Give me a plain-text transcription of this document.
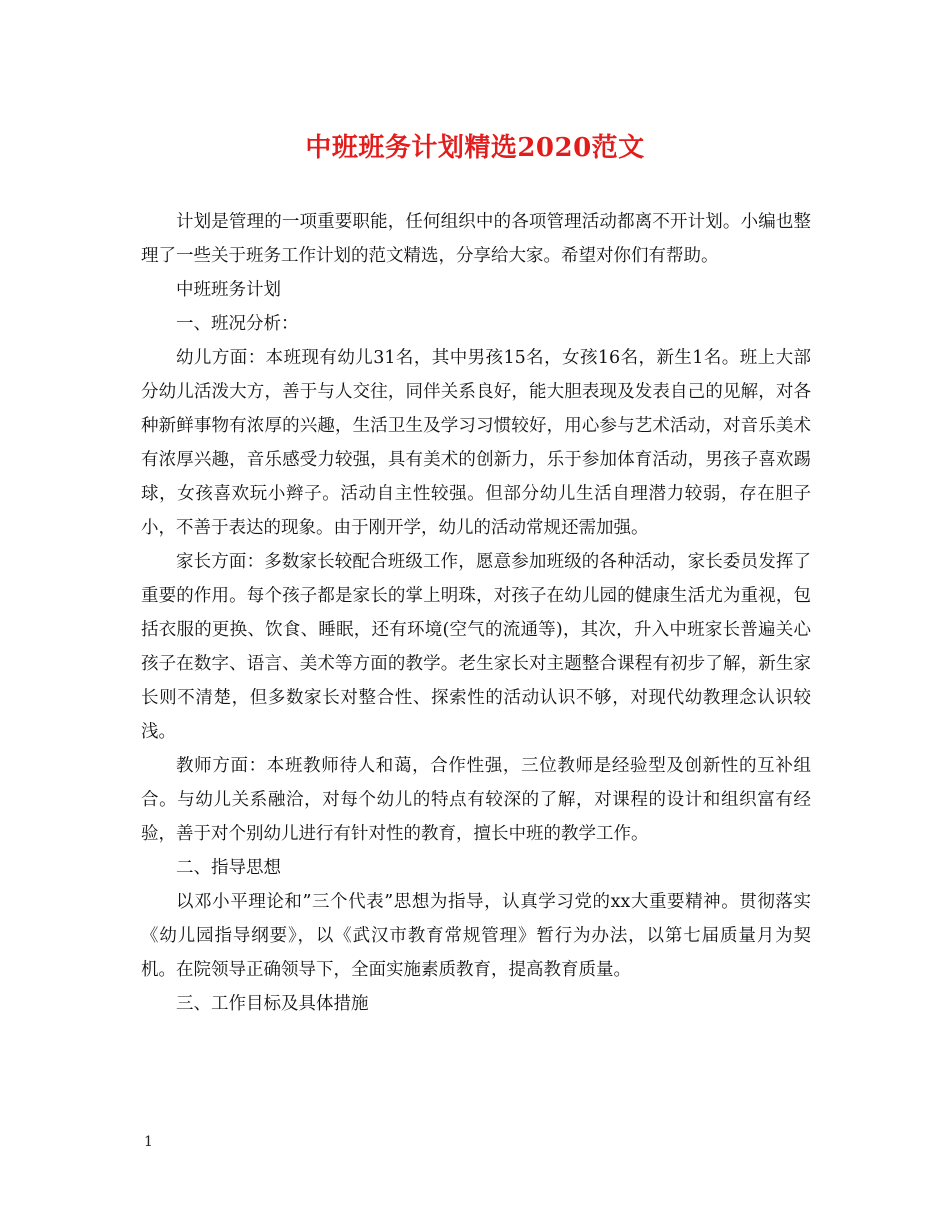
中班班务计划精选2020范文

计划是管理的一项重要职能，任何组织中的各项管理活动都离不开计划。小编也整理了一些关于班务工作计划的范文精选，分享给大家。希望对你们有帮助。

中班班务计划

一、班况分析：

幼儿方面：本班现有幼儿31名，其中男孩15名，女孩16名，新生1名。班上大部分幼儿活泼大方，善于与人交往，同伴关系良好，能大胆表现及发表自己的见解，对各种新鲜事物有浓厚的兴趣，生活卫生及学习习惯较好，用心参与艺术活动，对音乐美术有浓厚兴趣，音乐感受力较强，具有美术的创新力，乐于参加体育活动，男孩子喜欢踢球，女孩喜欢玩小辫子。活动自主性较强。但部分幼儿生活自理潜力较弱，存在胆子小，不善于表达的现象。由于刚开学，幼儿的活动常规还需加强。

家长方面：多数家长较配合班级工作，愿意参加班级的各种活动，家长委员发挥了重要的作用。每个孩子都是家长的掌上明珠，对孩子在幼儿园的健康生活尤为重视，包括衣服的更换、饮食、睡眠，还有环境(空气的流通等)，其次，升入中班家长普遍关心孩子在数字、语言、美术等方面的教学。老生家长对主题整合课程有初步了解，新生家长则不清楚，但多数家长对整合性、探索性的活动认识不够，对现代幼教理念认识较浅。

教师方面：本班教师待人和蔼，合作性强，三位教师是经验型及创新性的互补组合。与幼儿关系融洽，对每个幼儿的特点有较深的了解，对课程的设计和组织富有经验，善于对个别幼儿进行有针对性的教育，擅长中班的教学工作。

二、指导思想

以邓小平理论和”三个代表”思想为指导，认真学习党的xx大重要精神。贯彻落实《幼儿园指导纲要》，以《武汉市教育常规管理》暂行为办法，以第七届质量月为契机。在院领导正确领导下，全面实施素质教育，提高教育质量。

三、工作目标及具体措施

1
